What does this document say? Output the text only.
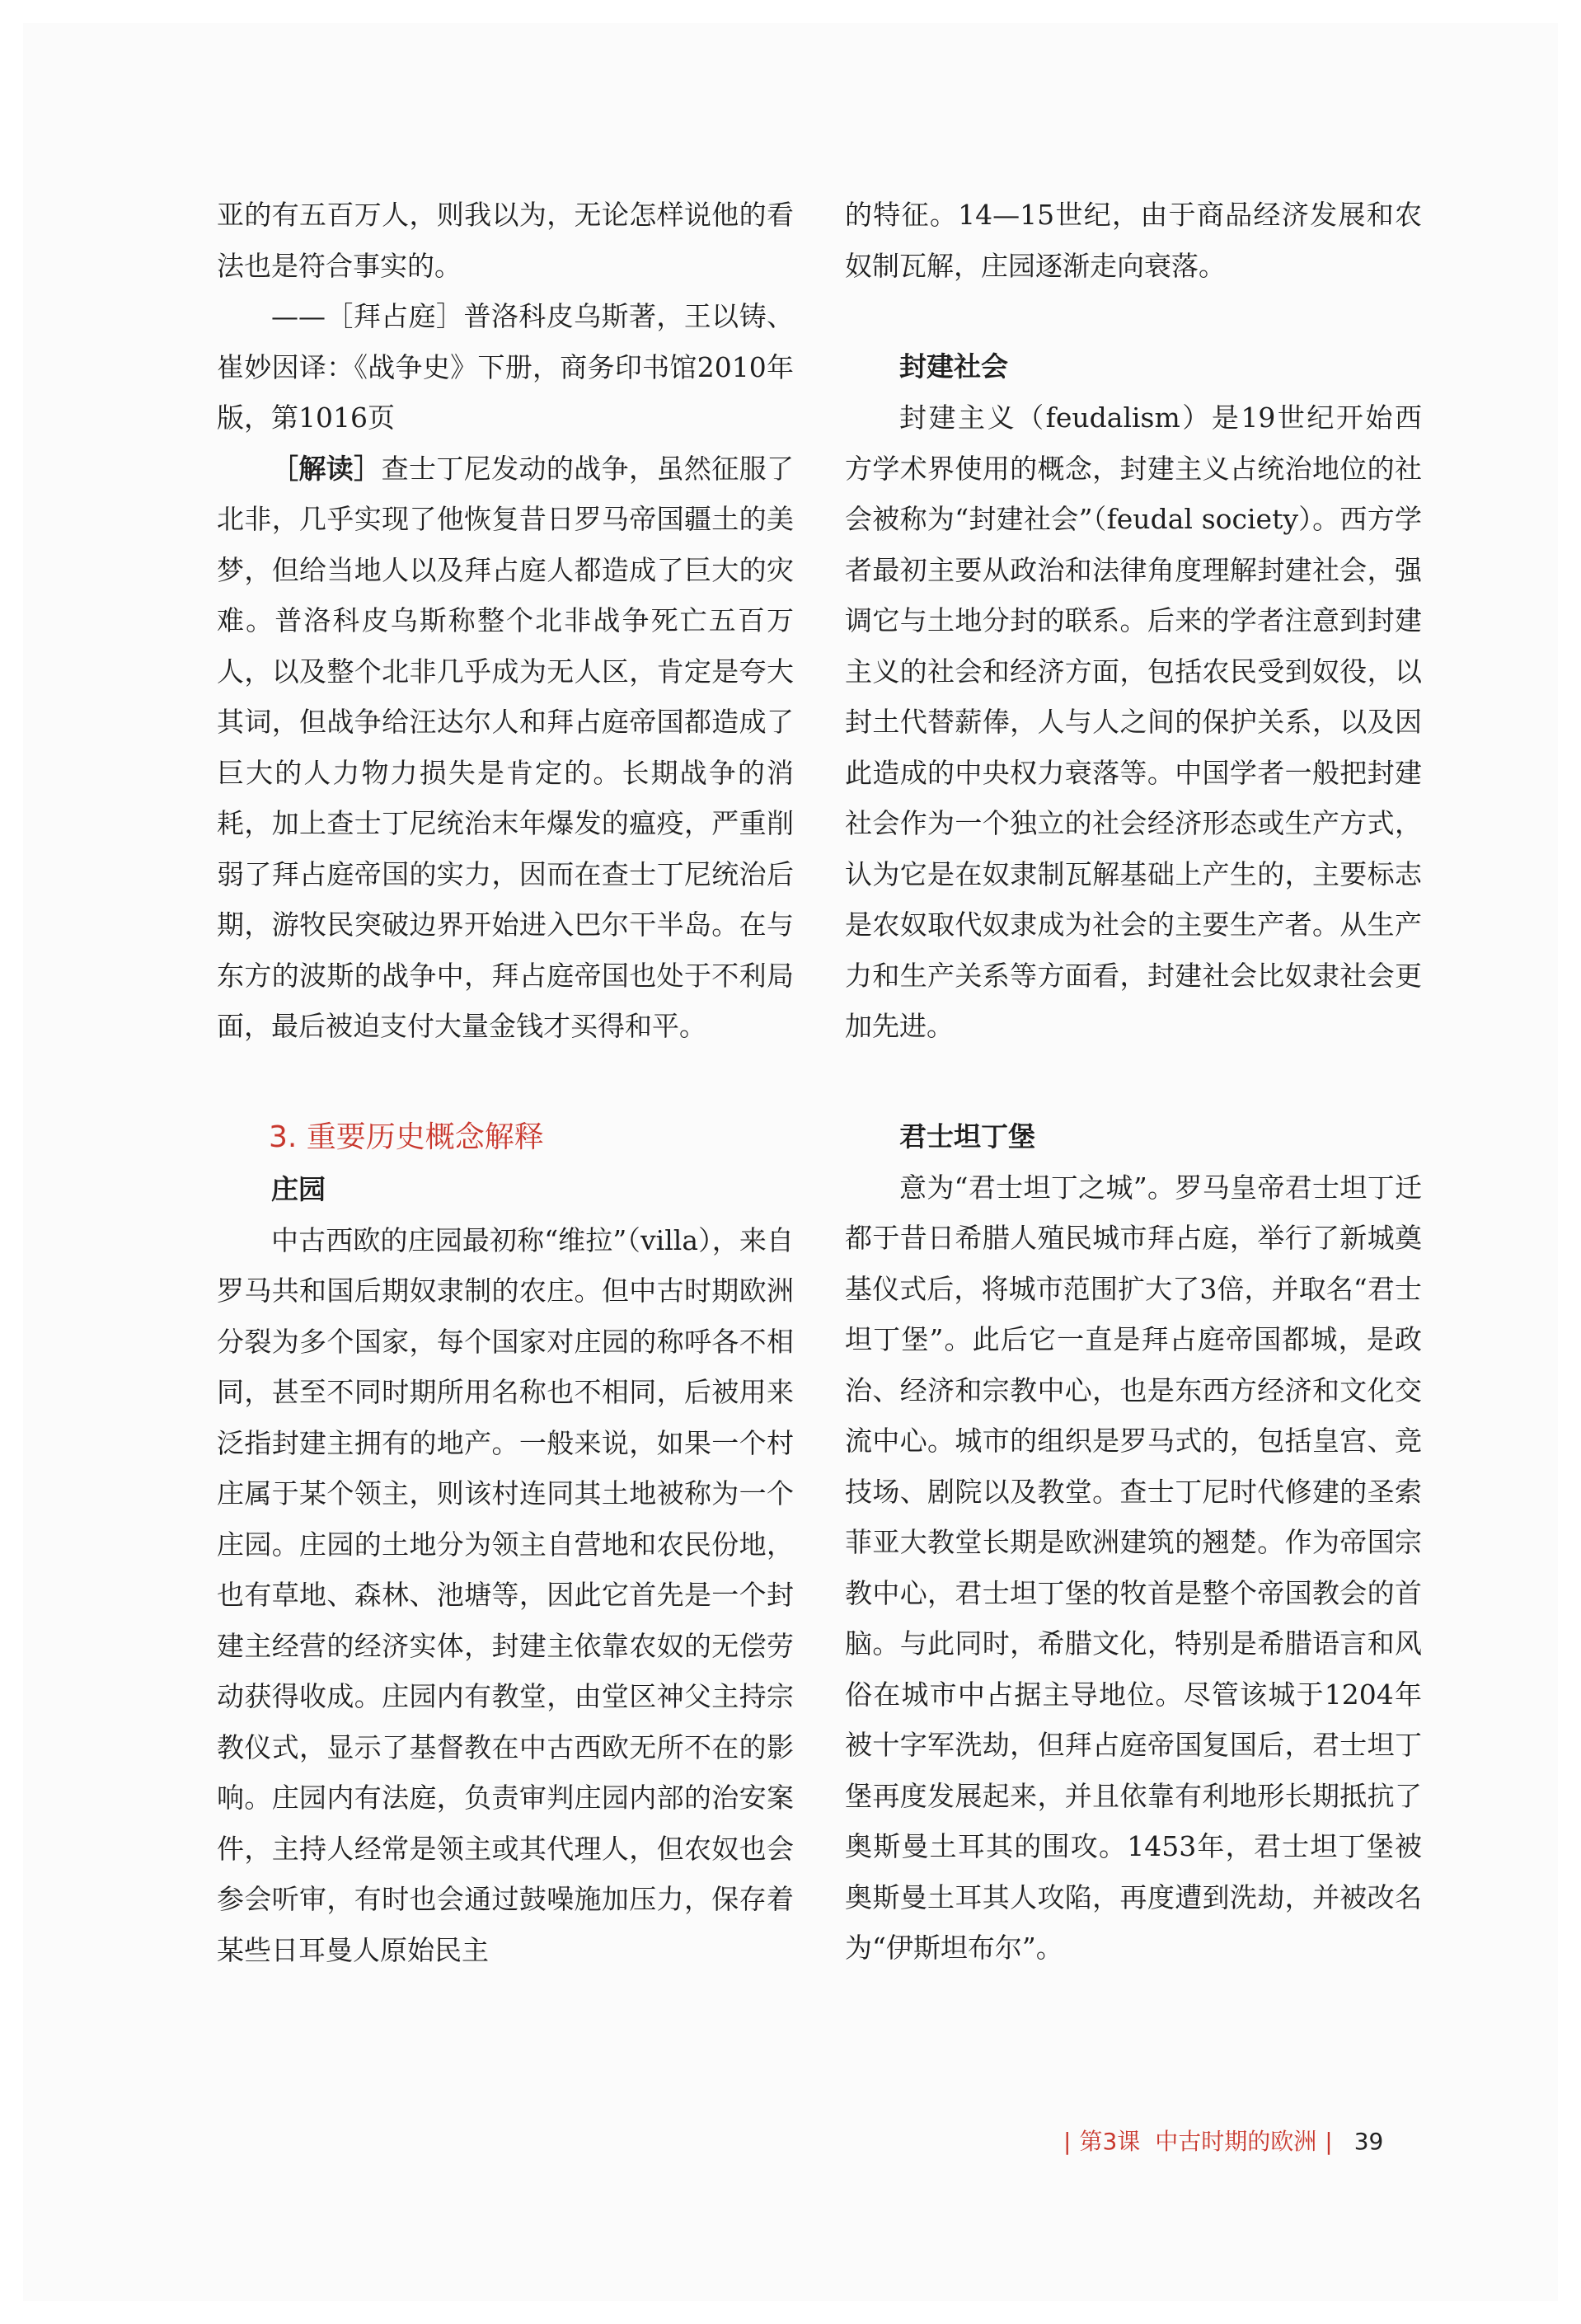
亚的有五百万人，则我以为，无论怎样说他的看法也是符合事实的。

——［拜占庭］普洛科皮乌斯著，王以铸、崔妙因译：《战争史》下册，商务印书馆2010年版，第1016页

［解读］查士丁尼发动的战争，虽然征服了北非，几乎实现了他恢复昔日罗马帝国疆土的美梦，但给当地人以及拜占庭人都造成了巨大的灾难。普洛科皮乌斯称整个北非战争死亡五百万人，以及整个北非几乎成为无人区，肯定是夸大其词，但战争给汪达尔人和拜占庭帝国都造成了巨大的人力物力损失是肯定的。长期战争的消耗，加上查士丁尼统治末年爆发的瘟疫，严重削弱了拜占庭帝国的实力，因而在查士丁尼统治后期，游牧民突破边界开始进入巴尔干半岛。在与东方的波斯的战争中，拜占庭帝国也处于不利局面，最后被迫支付大量金钱才买得和平。

3. 重要历史概念解释
庄园

中古西欧的庄园最初称“维拉”（villa），来自罗马共和国后期奴隶制的农庄。但中古时期欧洲分裂为多个国家，每个国家对庄园的称呼各不相同，甚至不同时期所用名称也不相同，后被用来泛指封建主拥有的地产。一般来说，如果一个村庄属于某个领主，则该村连同其土地被称为一个庄园。庄园的土地分为领主自营地和农民份地，也有草地、森林、池塘等，因此它首先是一个封建主经营的经济实体，封建主依靠农奴的无偿劳动获得收成。庄园内有教堂，由堂区神父主持宗教仪式，显示了基督教在中古西欧无所不在的影响。庄园内有法庭，负责审判庄园内部的治安案件，主持人经常是领主或其代理人，但农奴也会参会听审，有时也会通过鼓噪施加压力，保存着某些日耳曼人原始民主

的特征。14—15世纪，由于商品经济发展和农奴制瓦解，庄园逐渐走向衰落。

封建社会

封建主义（feudalism）是19世纪开始西方学术界使用的概念，封建主义占统治地位的社会被称为“封建社会”（feudal society）。西方学者最初主要从政治和法律角度理解封建社会，强调它与土地分封的联系。后来的学者注意到封建主义的社会和经济方面，包括农民受到奴役，以封土代替薪俸，人与人之间的保护关系，以及因此造成的中央权力衰落等。中国学者一般把封建社会作为一个独立的社会经济形态或生产方式，认为它是在奴隶制瓦解基础上产生的，主要标志是农奴取代奴隶成为社会的主要生产者。从生产力和生产关系等方面看，封建社会比奴隶社会更加先进。

君士坦丁堡

意为“君士坦丁之城”。罗马皇帝君士坦丁迁都于昔日希腊人殖民城市拜占庭，举行了新城奠基仪式后，将城市范围扩大了3倍，并取名“君士坦丁堡”。此后它一直是拜占庭帝国都城，是政治、经济和宗教中心，也是东西方经济和文化交流中心。城市的组织是罗马式的，包括皇宫、竞技场、剧院以及教堂。查士丁尼时代修建的圣索菲亚大教堂长期是欧洲建筑的翘楚。作为帝国宗教中心，君士坦丁堡的牧首是整个帝国教会的首脑。与此同时，希腊文化，特别是希腊语言和风俗在城市中占据主导地位。尽管该城于1204年被十字军洗劫，但拜占庭帝国复国后，君士坦丁堡再度发展起来，并且依靠有利地形长期抵抗了奥斯曼土耳其的围攻。1453年，君士坦丁堡被奥斯曼土耳其人攻陷，再度遭到洗劫，并被改名为“伊斯坦布尔”。

| 第3课 中古时期的欧洲 | 39
